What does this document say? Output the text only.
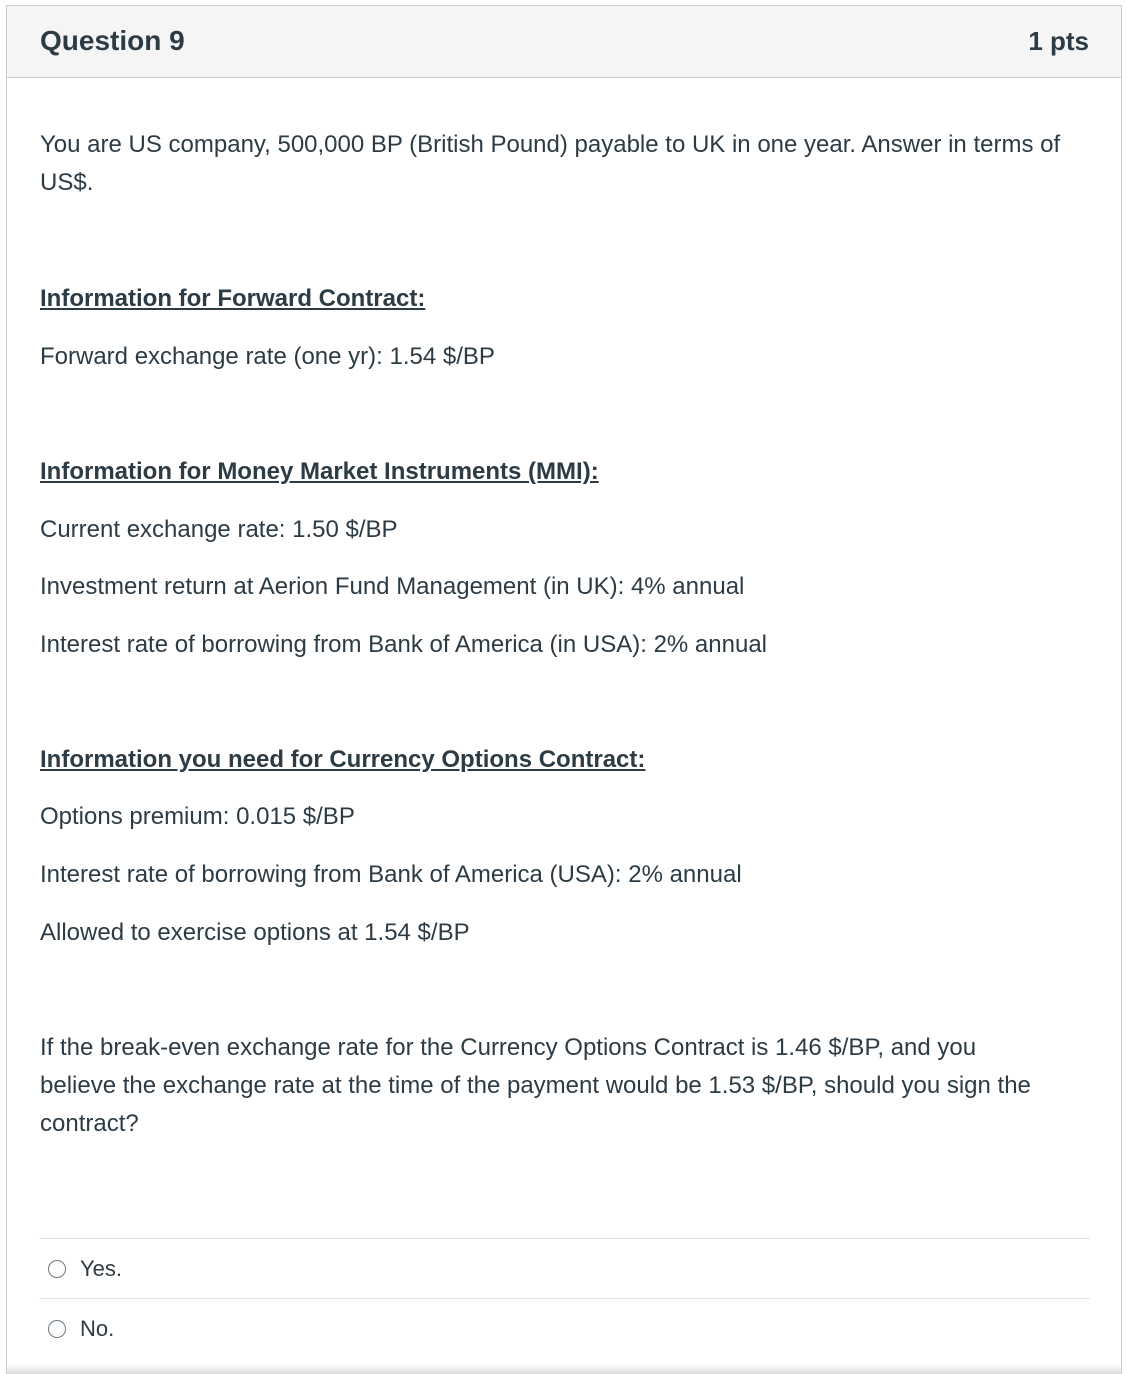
Question 9	1 pts

You are US company, 500,000 BP (British Pound) payable to UK in one year. Answer in terms of US$.

Information for Forward Contract:

Forward exchange rate (one yr): 1.54 $/BP

Information for Money Market Instruments (MMI):

Current exchange rate: 1.50 $/BP

Investment return at Aerion Fund Management (in UK): 4% annual

Interest rate of borrowing from Bank of America (in USA): 2% annual

Information you need for Currency Options Contract:

Options premium: 0.015 $/BP

Interest rate of borrowing from Bank of America (USA): 2% annual

Allowed to exercise options at 1.54 $/BP

If the break-even exchange rate for the Currency Options Contract is 1.46 $/BP, and you believe the exchange rate at the time of the payment would be 1.53 $/BP, should you sign the contract?

Yes.
No.
